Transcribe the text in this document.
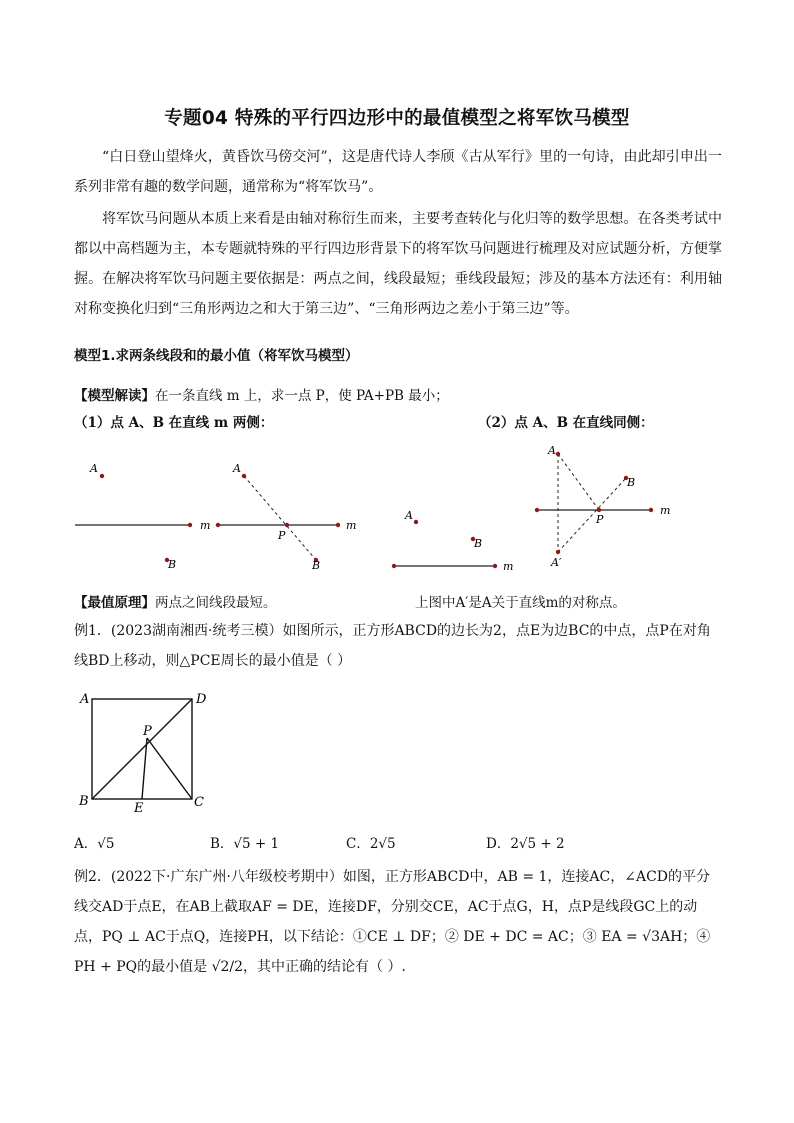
专题04 特殊的平行四边形中的最值模型之将军饮马模型

“白日登山望烽火，黄昏饮马傍交河”，这是唐代诗人李颀《古从军行》里的一句诗，由此却引申出一系列非常有趣的数学问题，通常称为“将军饮马”。

将军饮马问题从本质上来看是由轴对称衍生而来，主要考查转化与化归等的数学思想。在各类考试中都以中高档题为主，本专题就特殊的平行四边形背景下的将军饮马问题进行梳理及对应试题分析，方便掌握。在解决将军饮马问题主要依据是：两点之间，线段最短；垂线段最短；涉及的基本方法还有：利用轴对称变换化归到“三角形两边之和大于第三边”、“三角形两边之差小于第三边”等。

模型1.求两条线段和的最小值（将军饮马模型）
【模型解读】在一条直线 m 上，求一点 P，使 PA+PB 最小；
（1）点 A、B 在直线 m 两侧：	（2）点 A、B 在直线同侧：
A
B
m
A
B
P
m
A
B
m
A
B
P
m
A′
【最值原理】两点之间线段最短。	上图中A′是A关于直线m的对称点。

例1．(2023湖南湘西·统考三模）如图所示，正方形ABCD的边长为2，点E为边BC的中点，点P在对角线BD上移动，则△PCE周长的最小值是（ ）

A	D
B	C
E
P
A．√5	B．√5 + 1	C．2√5	D．2√5 + 2

例2．(2022下·广东广州·八年级校考期中）如图，正方形ABCD中，AB = 1，连接AC，∠ACD的平分线交AD于点E，在AB上截取AF = DE，连接DF，分别交CE，AC于点G，H，点P是线段GC上的动点，PQ ⊥ AC于点Q，连接PH，以下结论：①CE ⊥ DF；② DE + DC = AC；③ EA = √3AH；④ PH + PQ的最小值是 √2/2，其中正确的结论有（ ）.
